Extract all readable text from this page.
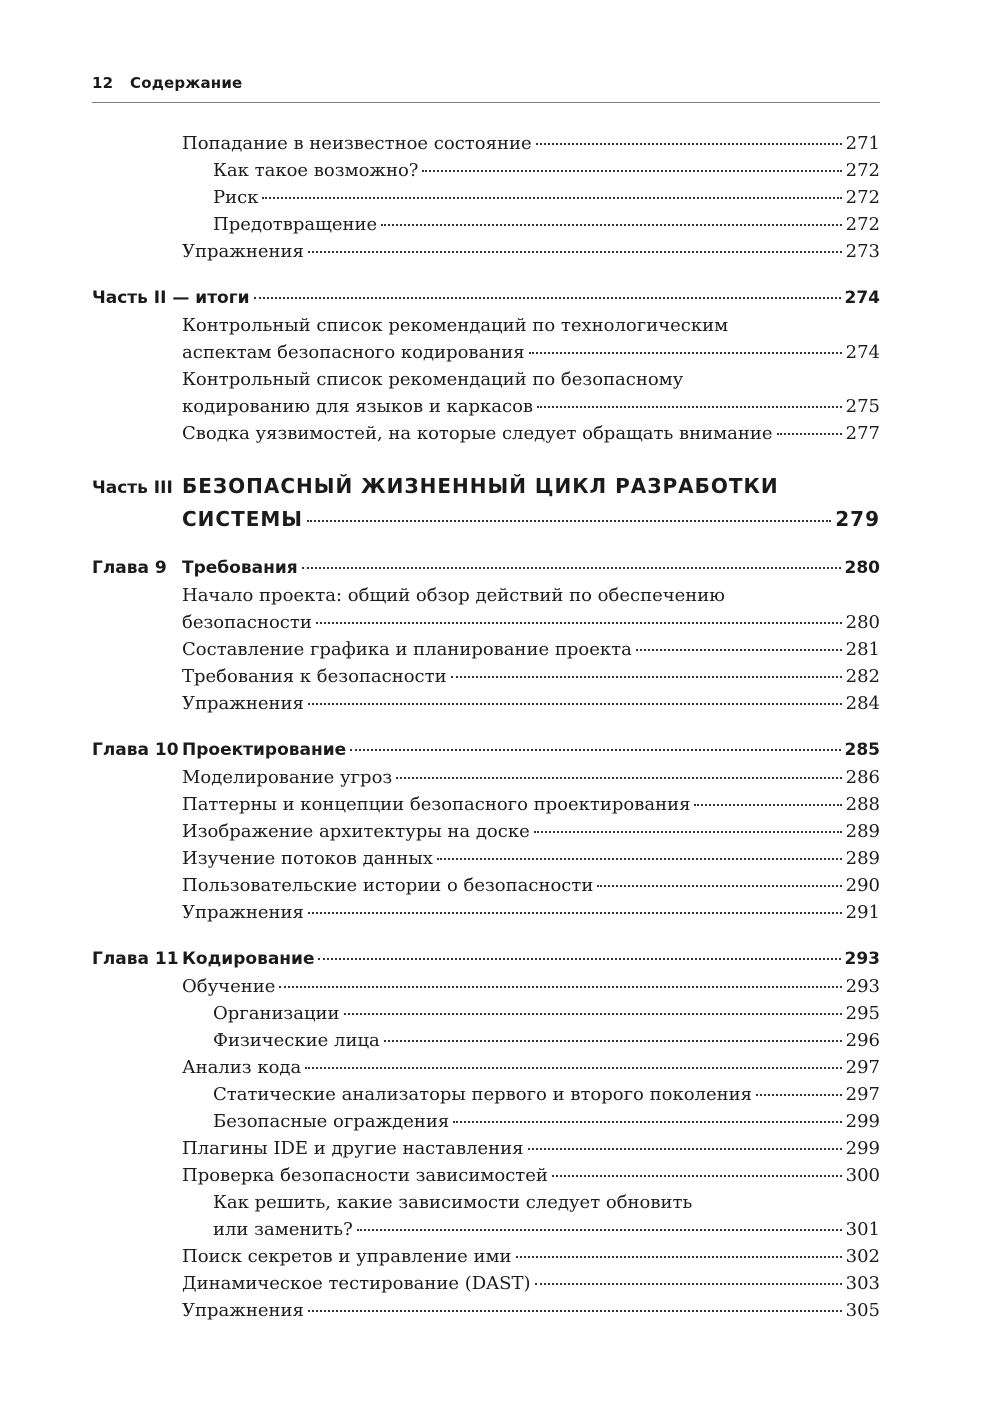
12 Содержание
Попадание в неизвестное состояние	271
Как такое возможно?	272
Риск	272
Предотвращение	272
Упражнения	273
Часть II — итоги	274
Контрольный список рекомендаций по технологическим
аспектам безопасного кодирования	274
Контрольный список рекомендаций по безопасному
кодированию для языков и каркасов	275
Сводка уязвимостей, на которые следует обращать внимание	277
Часть III БЕЗОПАСНЫЙ ЖИЗНЕННЫЙ ЦИКЛ РАЗРАБОТКИ
СИСТЕМЫ	279
Глава 9 Требования	280
Начало проекта: общий обзор действий по обеспечению
безопасности	280
Составление графика и планирование проекта	281
Требования к безопасности	282
Упражнения	284
Глава 10 Проектирование	285
Моделирование угроз	286
Паттерны и концепции безопасного проектирования	288
Изображение архитектуры на доске	289
Изучение потоков данных	289
Пользовательские истории о безопасности	290
Упражнения	291
Глава 11 Кодирование	293
Обучение	293
Организации	295
Физические лица	296
Анализ кода	297
Статические анализаторы первого и второго поколения	297
Безопасные ограждения	299
Плагины IDE и другие наставления	299
Проверка безопасности зависимостей	300
Как решить, какие зависимости следует обновить
или заменить?	301
Поиск секретов и управление ими	302
Динамическое тестирование (DAST)	303
Упражнения	305
